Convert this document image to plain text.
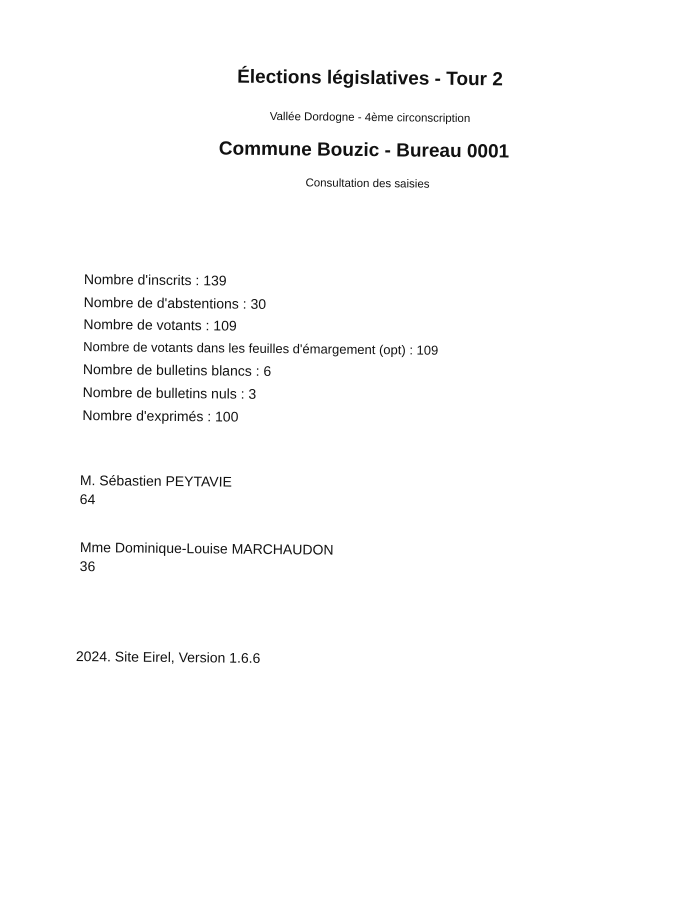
Élections législatives - Tour 2

Vallée Dordogne - 4ème circonscription

Commune Bouzic - Bureau 0001

Consultation des saisies

Nombre d'inscrits : 139
Nombre de d'abstentions : 30
Nombre de votants : 109
Nombre de votants dans les feuilles d'émargement (opt) : 109
Nombre de bulletins blancs : 6
Nombre de bulletins nuls : 3
Nombre d'exprimés : 100
M. Sébastien PEYTAVIE
64
Mme Dominique-Louise MARCHAUDON
36
2024. Site Eirel, Version 1.6.6
